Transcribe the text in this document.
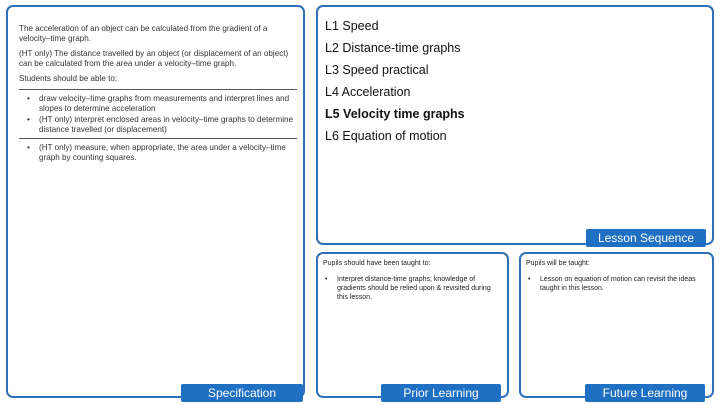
The acceleration of an object can be calculated from the gradient of a velocity–time graph.

(HT only) The distance travelled by an object (or displacement of an object) can be calculated from the area under a velocity–time graph.

Students should be able to:

• draw velocity–time graphs from measurements and interpret lines and slopes to determine acceleration
• (HT only) interpret enclosed areas in velocity–time graphs to determine distance travelled (or displacement)
• (HT only) measure, when appropriate, the area under a velocity–time graph by counting squares.
Specification
L1 Speed
L2 Distance-time graphs
L3 Speed practical
L4 Acceleration
L5 Velocity time graphs
L6 Equation of motion
Lesson Sequence
Pupils should have been taught to:
• Interpret distance-time graphs; knowledge of gradients should be relied upon & revisited during this lesson.
Prior Learning
Pupils will be taught:
• Lesson on equation of motion can revisit the ideas taught in this lesson.
Future Learning
